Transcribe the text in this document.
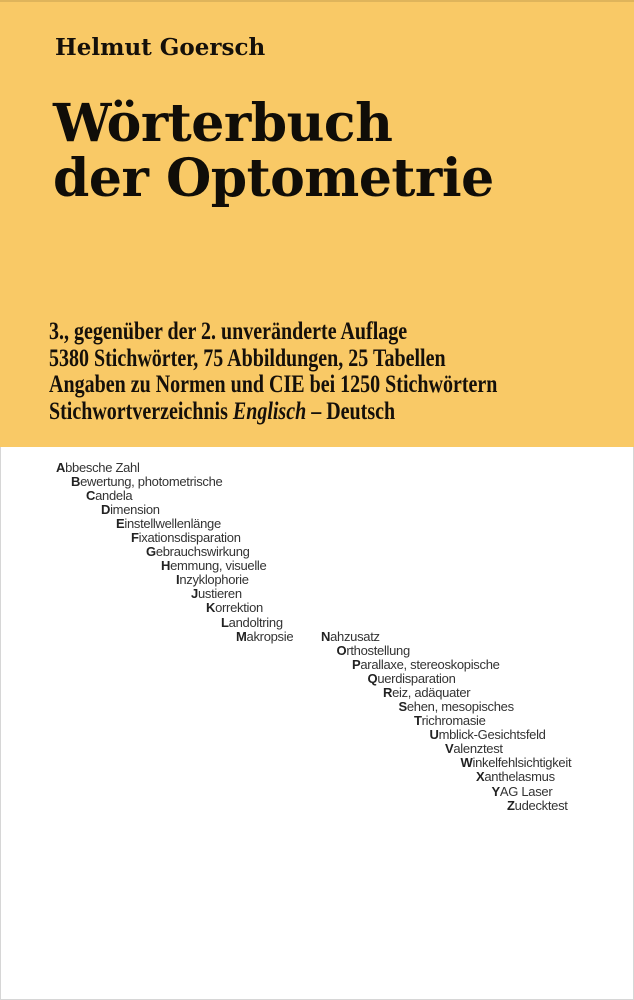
Helmut Goersch
Wörterbuch
der Optometrie
3., gegenüber der 2. unveränderte Auflage
5380 Stichwörter, 75 Abbildungen, 25 Tabellen
Angaben zu Normen und CIE bei 1250 Stichwörtern
Stichwortverzeichnis Englisch – Deutsch
Abbesche Zahl
Bewertung, photometrische
Candela
Dimension
Einstellwellenlänge
Fixationsdisparation
Gebrauchswirkung
Hemmung, visuelle
Inzyklophorie
Justieren
Korrektion
Landoltring
Makropsie Nahzusatz
Orthostellung
Parallaxe, stereoskopische
Querdisparation
Reiz, adäquater
Sehen, mesopisches
Trichromasie
Umblick-Gesichtsfeld
Valenztest
Winkelfehlsichtigkeit
Xanthelasmus
YAG Laser
Zudecktest
